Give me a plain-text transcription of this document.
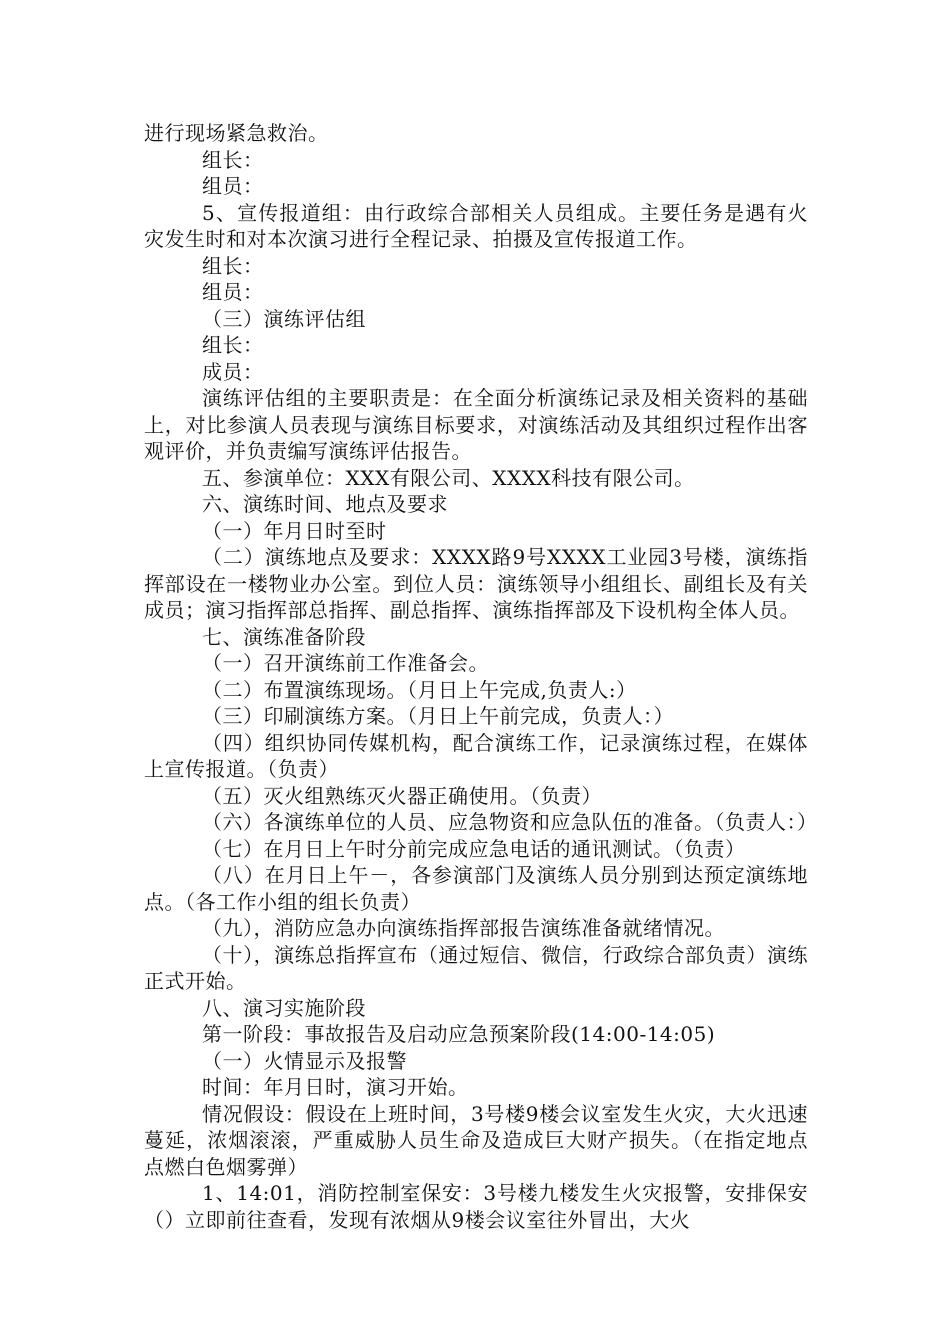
进行现场紧急救治。

组长：

组员：

5、宣传报道组：由行政综合部相关人员组成。主要任务是遇有火灾发生时和对本次演习进行全程记录、拍摄及宣传报道工作。

组长：

组员：

（三）演练评估组

组长：

成员：

演练评估组的主要职责是：在全面分析演练记录及相关资料的基础上，对比参演人员表现与演练目标要求，对演练活动及其组织过程作出客观评价，并负责编写演练评估报告。

五、参演单位：XXX有限公司、XXXX科技有限公司。

六、演练时间、地点及要求

（一）年月日时至时

（二）演练地点及要求：XXXX路9号XXXX工业园3号楼，演练指挥部设在一楼物业办公室。到位人员：演练领导小组组长、副组长及有关成员；演习指挥部总指挥、副总指挥、演练指挥部及下设机构全体人员。

七、演练准备阶段

（一）召开演练前工作准备会。

（二）布置演练现场。（月日上午完成,负责人:）

（三）印刷演练方案。（月日上午前完成，负责人：）

（四）组织协同传媒机构，配合演练工作，记录演练过程，在媒体上宣传报道。（负责）

（五）灭火组熟练灭火器正确使用。（负责）

（六）各演练单位的人员、应急物资和应急队伍的准备。（负责人：）

（七）在月日上午时分前完成应急电话的通讯测试。（负责）

（八）在月日上午－，各参演部门及演练人员分别到达预定演练地点。（各工作小组的组长负责）

（九），消防应急办向演练指挥部报告演练准备就绪情况。

（十），演练总指挥宣布（通过短信、微信，行政综合部负责）演练正式开始。

八、演习实施阶段

第一阶段：事故报告及启动应急预案阶段(14:00-14:05)

（一）火情显示及报警

时间：年月日时，演习开始。

情况假设：假设在上班时间，3号楼9楼会议室发生火灾，大火迅速蔓延，浓烟滚滚，严重威胁人员生命及造成巨大财产损失。（在指定地点点燃白色烟雾弹）

1、14:01，消防控制室保安：3号楼九楼发生火灾报警，安排保安（）立即前往查看，发现有浓烟从9楼会议室往外冒出，大火
